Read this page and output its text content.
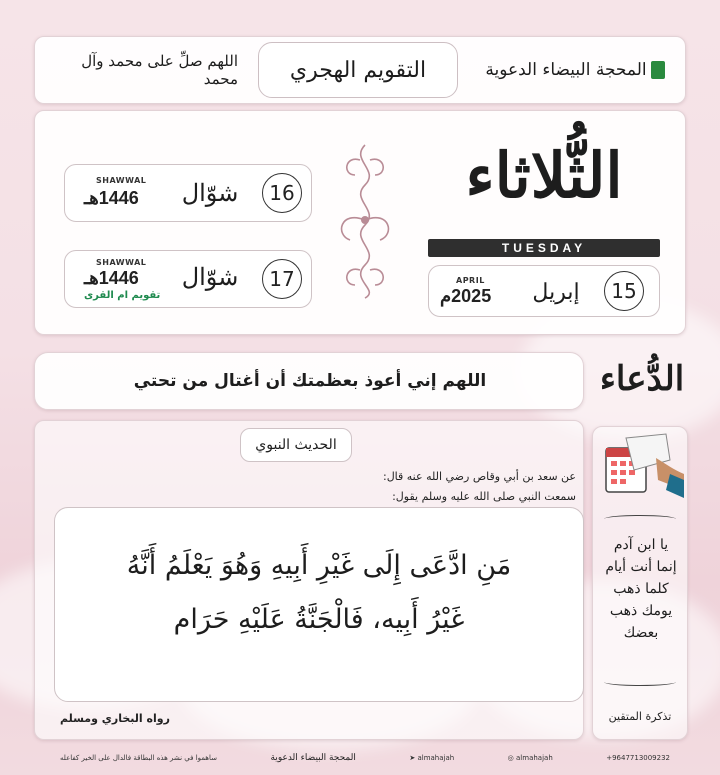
المحجة البيضاء الدعوية
التقويم الهجري
اللهم صلِّ على محمد وآل محمد
الثُّلاثاء
TUESDAY
15
إبريل
APRIL
2025م
16
شوّال
SHAWWAL
1446هـ
17
شوّال
SHAWWAL
1446هـ
تقويم ام القرى
الدُّعاء
اللهم إني أعوذ بعظمتك أن أغتال من تحتي
الحديث النبوي
عن سعد بن أبي وقاص رضي الله عنه قال:
سمعت النبي صلى الله عليه وسلم يقول:
مَنِ ادَّعَى إِلَى غَيْرِ أَبِيهِ وَهُوَ يَعْلَمُ أَنَّهُ
غَيْرُ أَبِيه، فَالْجَنَّةُ عَلَيْهِ حَرَام
رواه البخاري ومسلم
يا ابن آدم
إنما أنت أيام
كلما ذهب
يومك ذهب
بعضك
تذكرة المتقين
+9647713009232
◎ almahajah
➤ almahajah
المحجة البيضاء الدعوية
ساهموا في نشر هذه البطاقة فالدال على الخير كفاعله
